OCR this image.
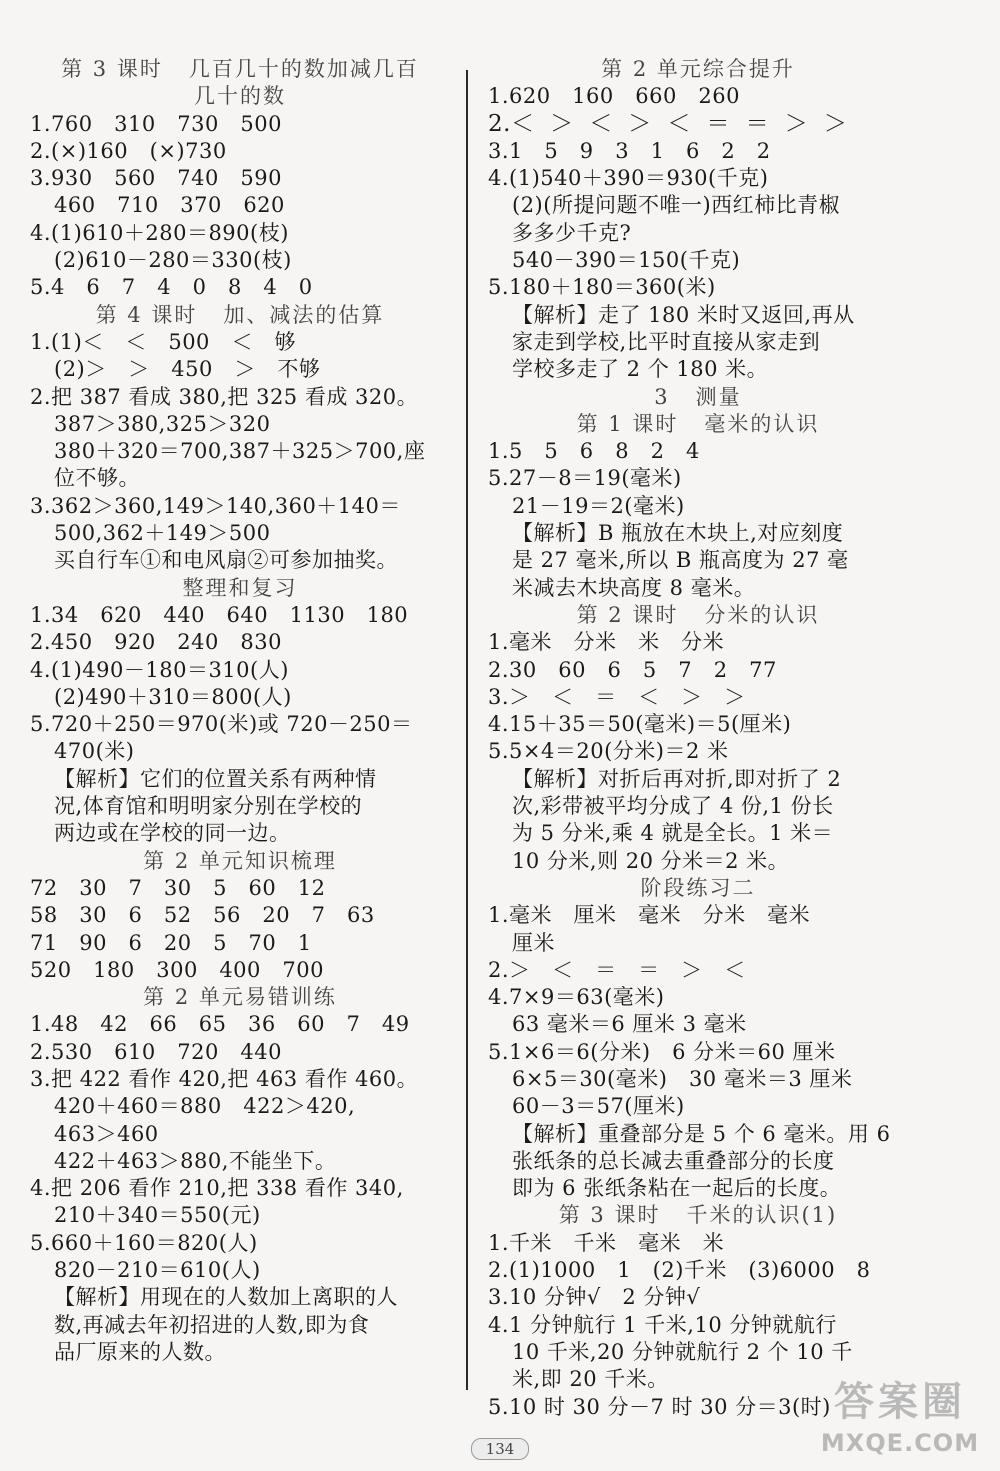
第 3 课时   几百几十的数加减几百
几十的数
1.760   310   730   500
2.(×)160   (×)730
3.930   560   740   590
460   710   370   620
4.(1)610＋280＝890(枝)
(2)610－280＝330(枝)
5.4   6   7   4   0   8   4   0
第 4 课时   加、减法的估算
1.(1)＜   ＜   500   ＜   够
(2)＞   ＞   450   ＞   不够
2.把 387 看成 380,把 325 看成 320。
387＞380,325＞320
380＋320＝700,387＋325＞700,座
位不够。
3.362＞360,149＞140,360＋140＝
500,362＋149＞500
买自行车①和电风扇②可参加抽奖。
整理和复习
1.34   620   440   640   1130   180
2.450   920   240   830
4.(1)490－180＝310(人)
(2)490＋310＝800(人)
5.720＋250＝970(米)或 720－250＝
470(米)
【解析】它们的位置关系有两种情
况,体育馆和明明家分别在学校的
两边或在学校的同一边。
第 2 单元知识梳理
72   30   7   30   5   60   12
58   30   6   52   56   20   7   63
71   90   6   20   5   70   1
520   180   300   400   700
第 2 单元易错训练
1.48   42   66   65   36   60   7   49
2.530   610   720   440
3.把 422 看作 420,把 463 看作 460。
420＋460＝880   422＞420,
463＞460
422＋463＞880,不能坐下。
4.把 206 看作 210,把 338 看作 340,
210＋340＝550(元)
5.660＋160＝820(人)
820－210＝610(人)
【解析】用现在的人数加上离职的人
数,再减去年初招进的人数,即为食
品厂原来的人数。
第 2 单元综合提升
1.620   160   660   260
2.＜  ＞  ＜  ＞  ＜  ＝  ＝  ＞  ＞
3.1   5   9   3   1   6   2   2
4.(1)540＋390＝930(千克)
(2)(所提问题不唯一)西红柿比青椒
多多少千克?
540－390＝150(千克)
5.180＋180＝360(米)
【解析】走了 180 米时又返回,再从
家走到学校,比平时直接从家走到
学校多走了 2 个 180 米。
3   测量
第 1 课时   毫米的认识
1.5   5   6   8   2   4
5.27－8＝19(毫米)
21－19＝2(毫米)
【解析】B 瓶放在木块上,对应刻度
是 27 毫米,所以 B 瓶高度为 27 毫
米减去木块高度 8 毫米。
第 2 课时   分米的认识
1.毫米   分米   米   分米
2.30   60   6   5   7   2   77
3.＞   ＜   ＝   ＜   ＞   ＞
4.15＋35＝50(毫米)＝5(厘米)
5.5×4＝20(分米)＝2 米
【解析】对折后再对折,即对折了 2
次,彩带被平均分成了 4 份,1 份长
为 5 分米,乘 4 就是全长。1 米＝
10 分米,则 20 分米＝2 米。
阶段练习二
1.毫米   厘米   毫米   分米   毫米
厘米
2.＞   ＜   ＝   ＝   ＞   ＜
4.7×9＝63(毫米)
63 毫米＝6 厘米 3 毫米
5.1×6＝6(分米)   6 分米＝60 厘米
6×5＝30(毫米)   30 毫米＝3 厘米
60－3＝57(厘米)
【解析】重叠部分是 5 个 6 毫米。用 6
张纸条的总长减去重叠部分的长度
即为 6 张纸条粘在一起后的长度。
第 3 课时   千米的认识(1)
1.千米   千米   毫米   米
2.(1)1000   1   (2)千米   (3)6000   8
3.10 分钟√   2 分钟√
4.1 分钟航行 1 千米,10 分钟就航行
10 千米,20 分钟就航行 2 个 10 千
米,即 20 千米。
5.10 时 30 分－7 时 30 分＝3(时)
134
答案圈
MXQE.COM
